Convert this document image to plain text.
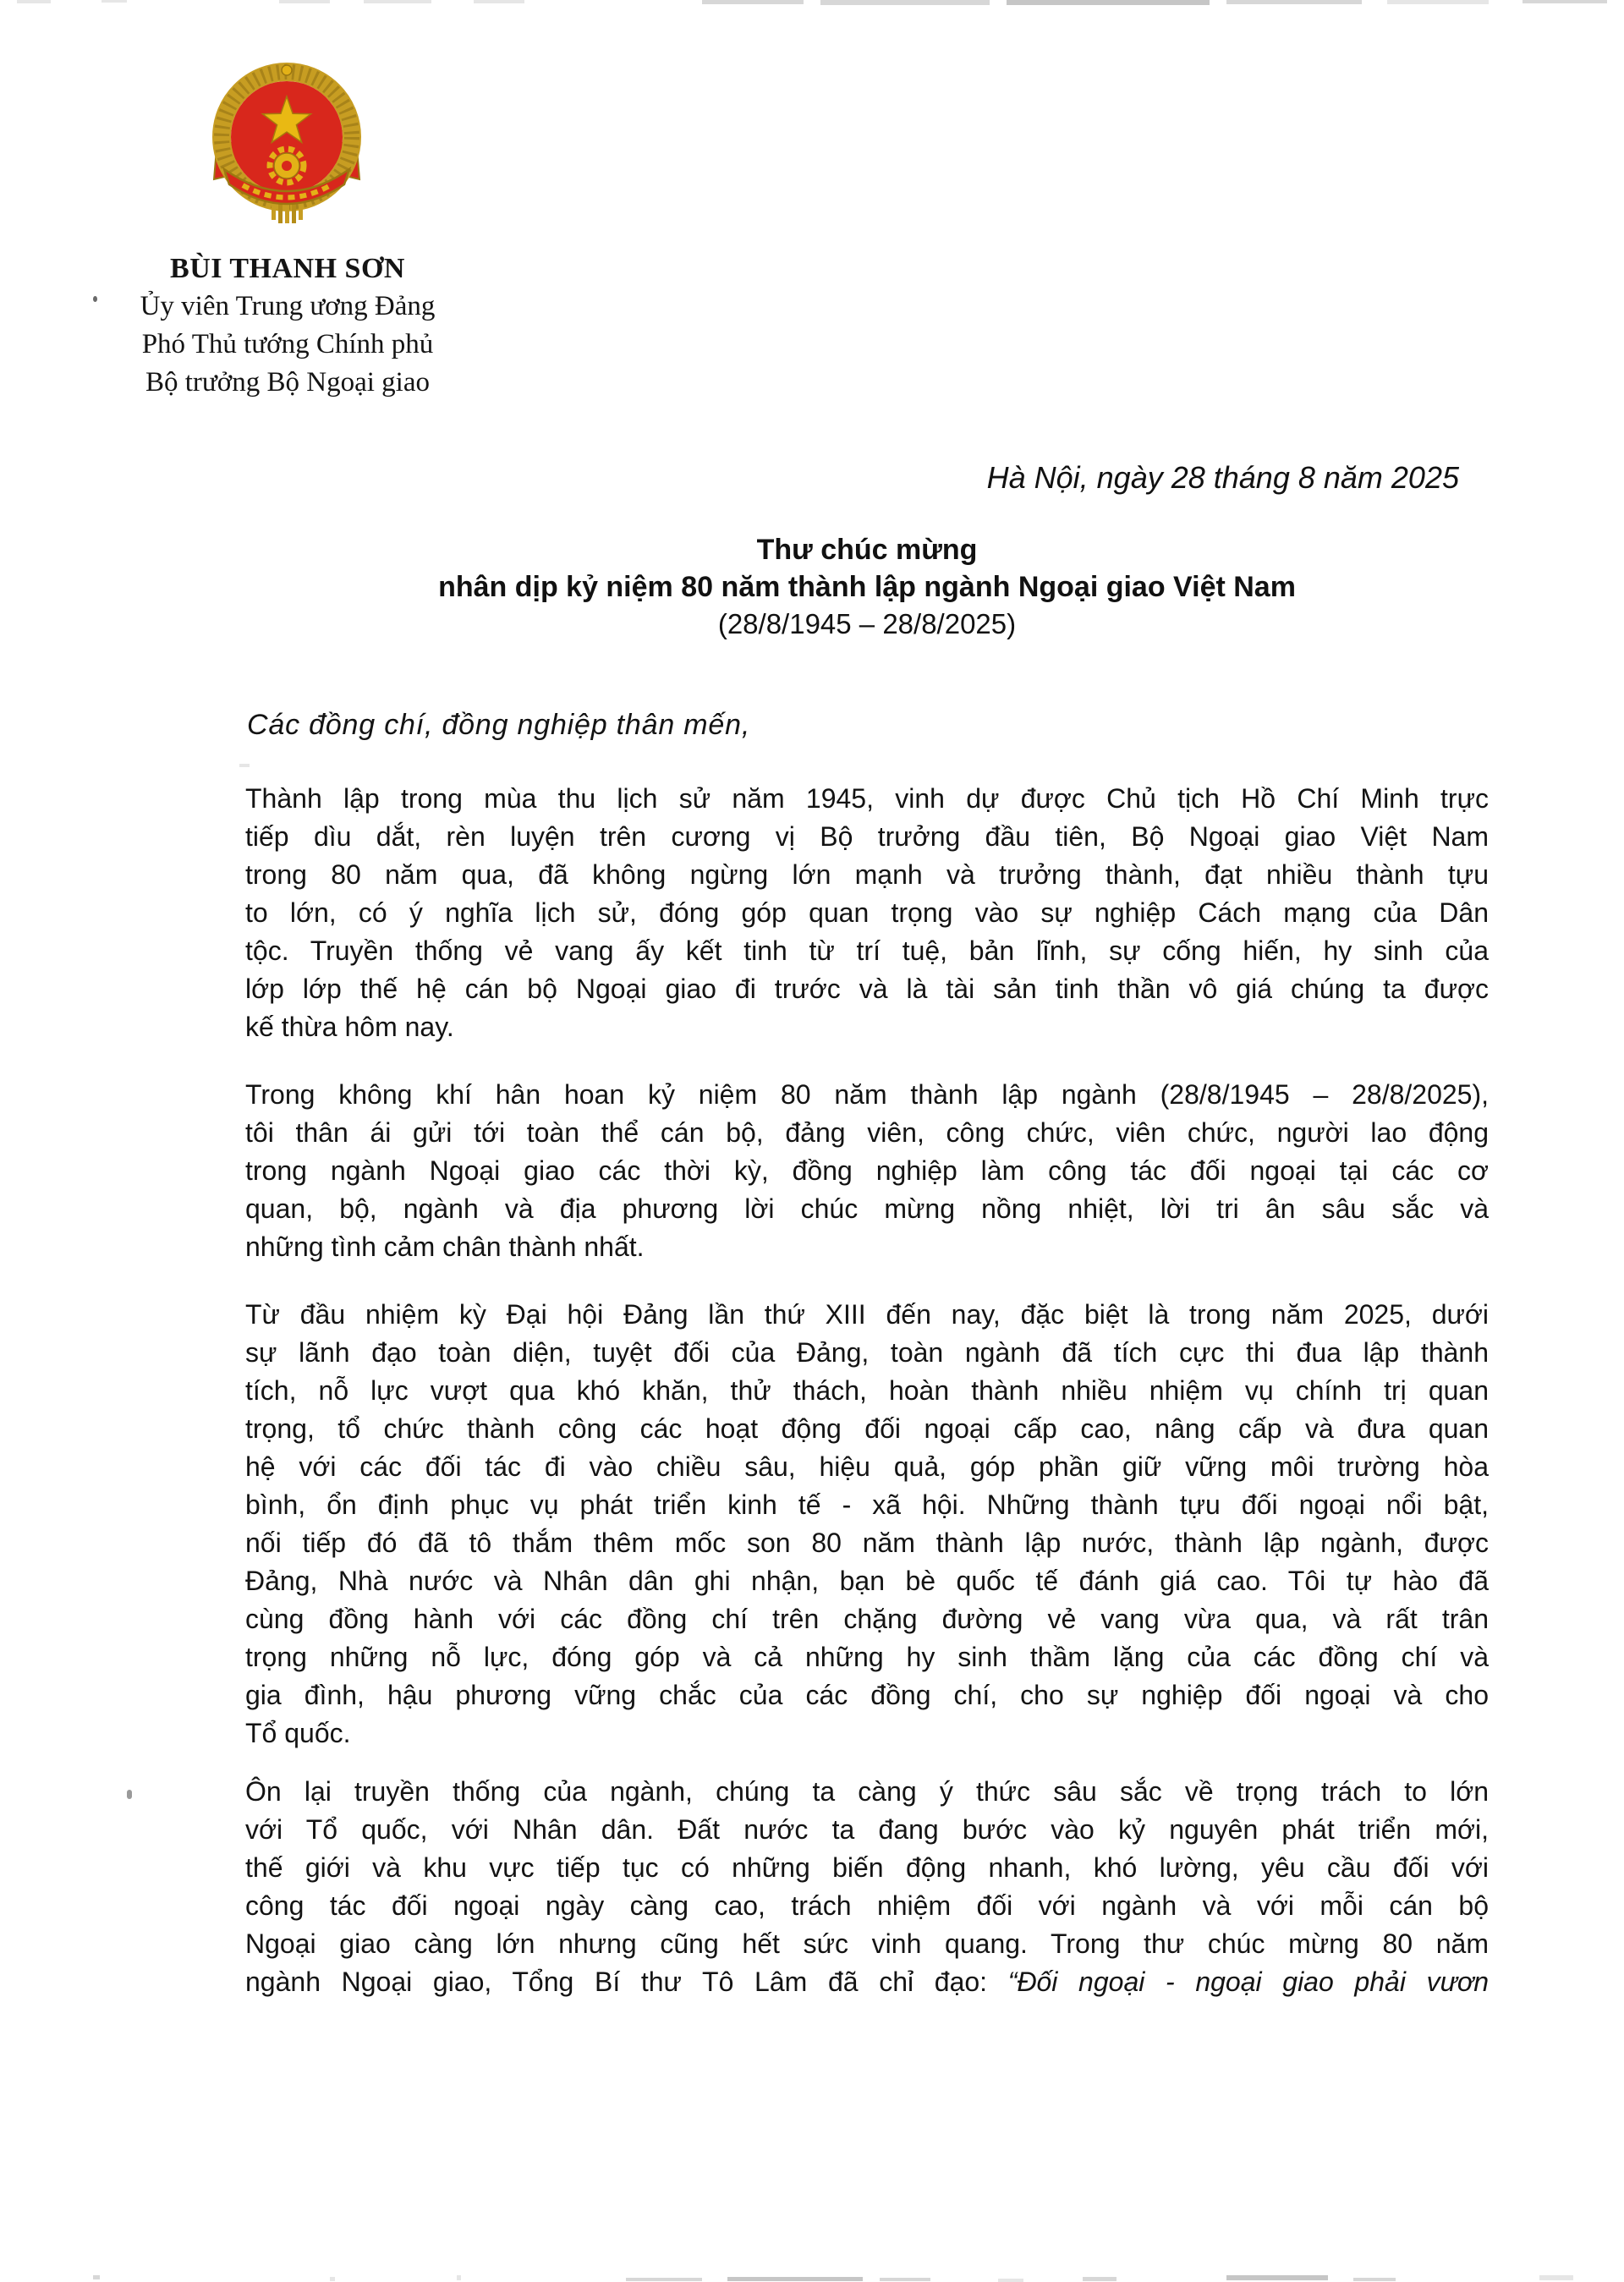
BÙI THANH SƠN
Ủy viên Trung ương Đảng
Phó Thủ tướng Chính phủ
Bộ trưởng Bộ Ngoại giao
Hà Nội, ngày 28 tháng 8 năm 2025
Thư chúc mừng
nhân dịp kỷ niệm 80 năm thành lập ngành Ngoại giao Việt Nam
(28/8/1945 – 28/8/2025)
Các đồng chí, đồng nghiệp thân mến,
Thành lập trong mùa thu lịch sử năm 1945, vinh dự được Chủ tịch Hồ Chí Minh trực
tiếp dìu dắt, rèn luyện trên cương vị Bộ trưởng đầu tiên, Bộ Ngoại giao Việt Nam
trong 80 năm qua, đã không ngừng lớn mạnh và trưởng thành, đạt nhiều thành tựu
to lớn, có ý nghĩa lịch sử, đóng góp quan trọng vào sự nghiệp Cách mạng của Dân
tộc. Truyền thống vẻ vang ấy kết tinh từ trí tuệ, bản lĩnh, sự cống hiến, hy sinh của
lớp lớp thế hệ cán bộ Ngoại giao đi trước và là tài sản tinh thần vô giá chúng ta được
kế thừa hôm nay.
Trong không khí hân hoan kỷ niệm 80 năm thành lập ngành (28/8/1945 – 28/8/2025),
tôi thân ái gửi tới toàn thể cán bộ, đảng viên, công chức, viên chức, người lao động
trong ngành Ngoại giao các thời kỳ, đồng nghiệp làm công tác đối ngoại tại các cơ
quan, bộ, ngành và địa phương lời chúc mừng nồng nhiệt, lời tri ân sâu sắc và
những tình cảm chân thành nhất.
Từ đầu nhiệm kỳ Đại hội Đảng lần thứ XIII đến nay, đặc biệt là trong năm 2025, dưới
sự lãnh đạo toàn diện, tuyệt đối của Đảng, toàn ngành đã tích cực thi đua lập thành
tích, nỗ lực vượt qua khó khăn, thử thách, hoàn thành nhiều nhiệm vụ chính trị quan
trọng, tổ chức thành công các hoạt động đối ngoại cấp cao, nâng cấp và đưa quan
hệ với các đối tác đi vào chiều sâu, hiệu quả, góp phần giữ vững môi trường hòa
bình, ổn định phục vụ phát triển kinh tế - xã hội. Những thành tựu đối ngoại nổi bật,
nối tiếp đó đã tô thắm thêm mốc son 80 năm thành lập nước, thành lập ngành, được
Đảng, Nhà nước và Nhân dân ghi nhận, bạn bè quốc tế đánh giá cao. Tôi tự hào đã
cùng đồng hành với các đồng chí trên chặng đường vẻ vang vừa qua, và rất trân
trọng những nỗ lực, đóng góp và cả những hy sinh thầm lặng của các đồng chí và
gia đình, hậu phương vững chắc của các đồng chí, cho sự nghiệp đối ngoại và cho
Tổ quốc.
Ôn lại truyền thống của ngành, chúng ta càng ý thức sâu sắc về trọng trách to lớn
với Tổ quốc, với Nhân dân. Đất nước ta đang bước vào kỷ nguyên phát triển mới,
thế giới và khu vực tiếp tục có những biến động nhanh, khó lường, yêu cầu đối với
công tác đối ngoại ngày càng cao, trách nhiệm đối với ngành và với mỗi cán bộ
Ngoại giao càng lớn nhưng cũng hết sức vinh quang. Trong thư chúc mừng 80 năm
ngành Ngoại giao, Tổng Bí thư Tô Lâm đã chỉ đạo: “Đối ngoại - ngoại giao phải vươn
